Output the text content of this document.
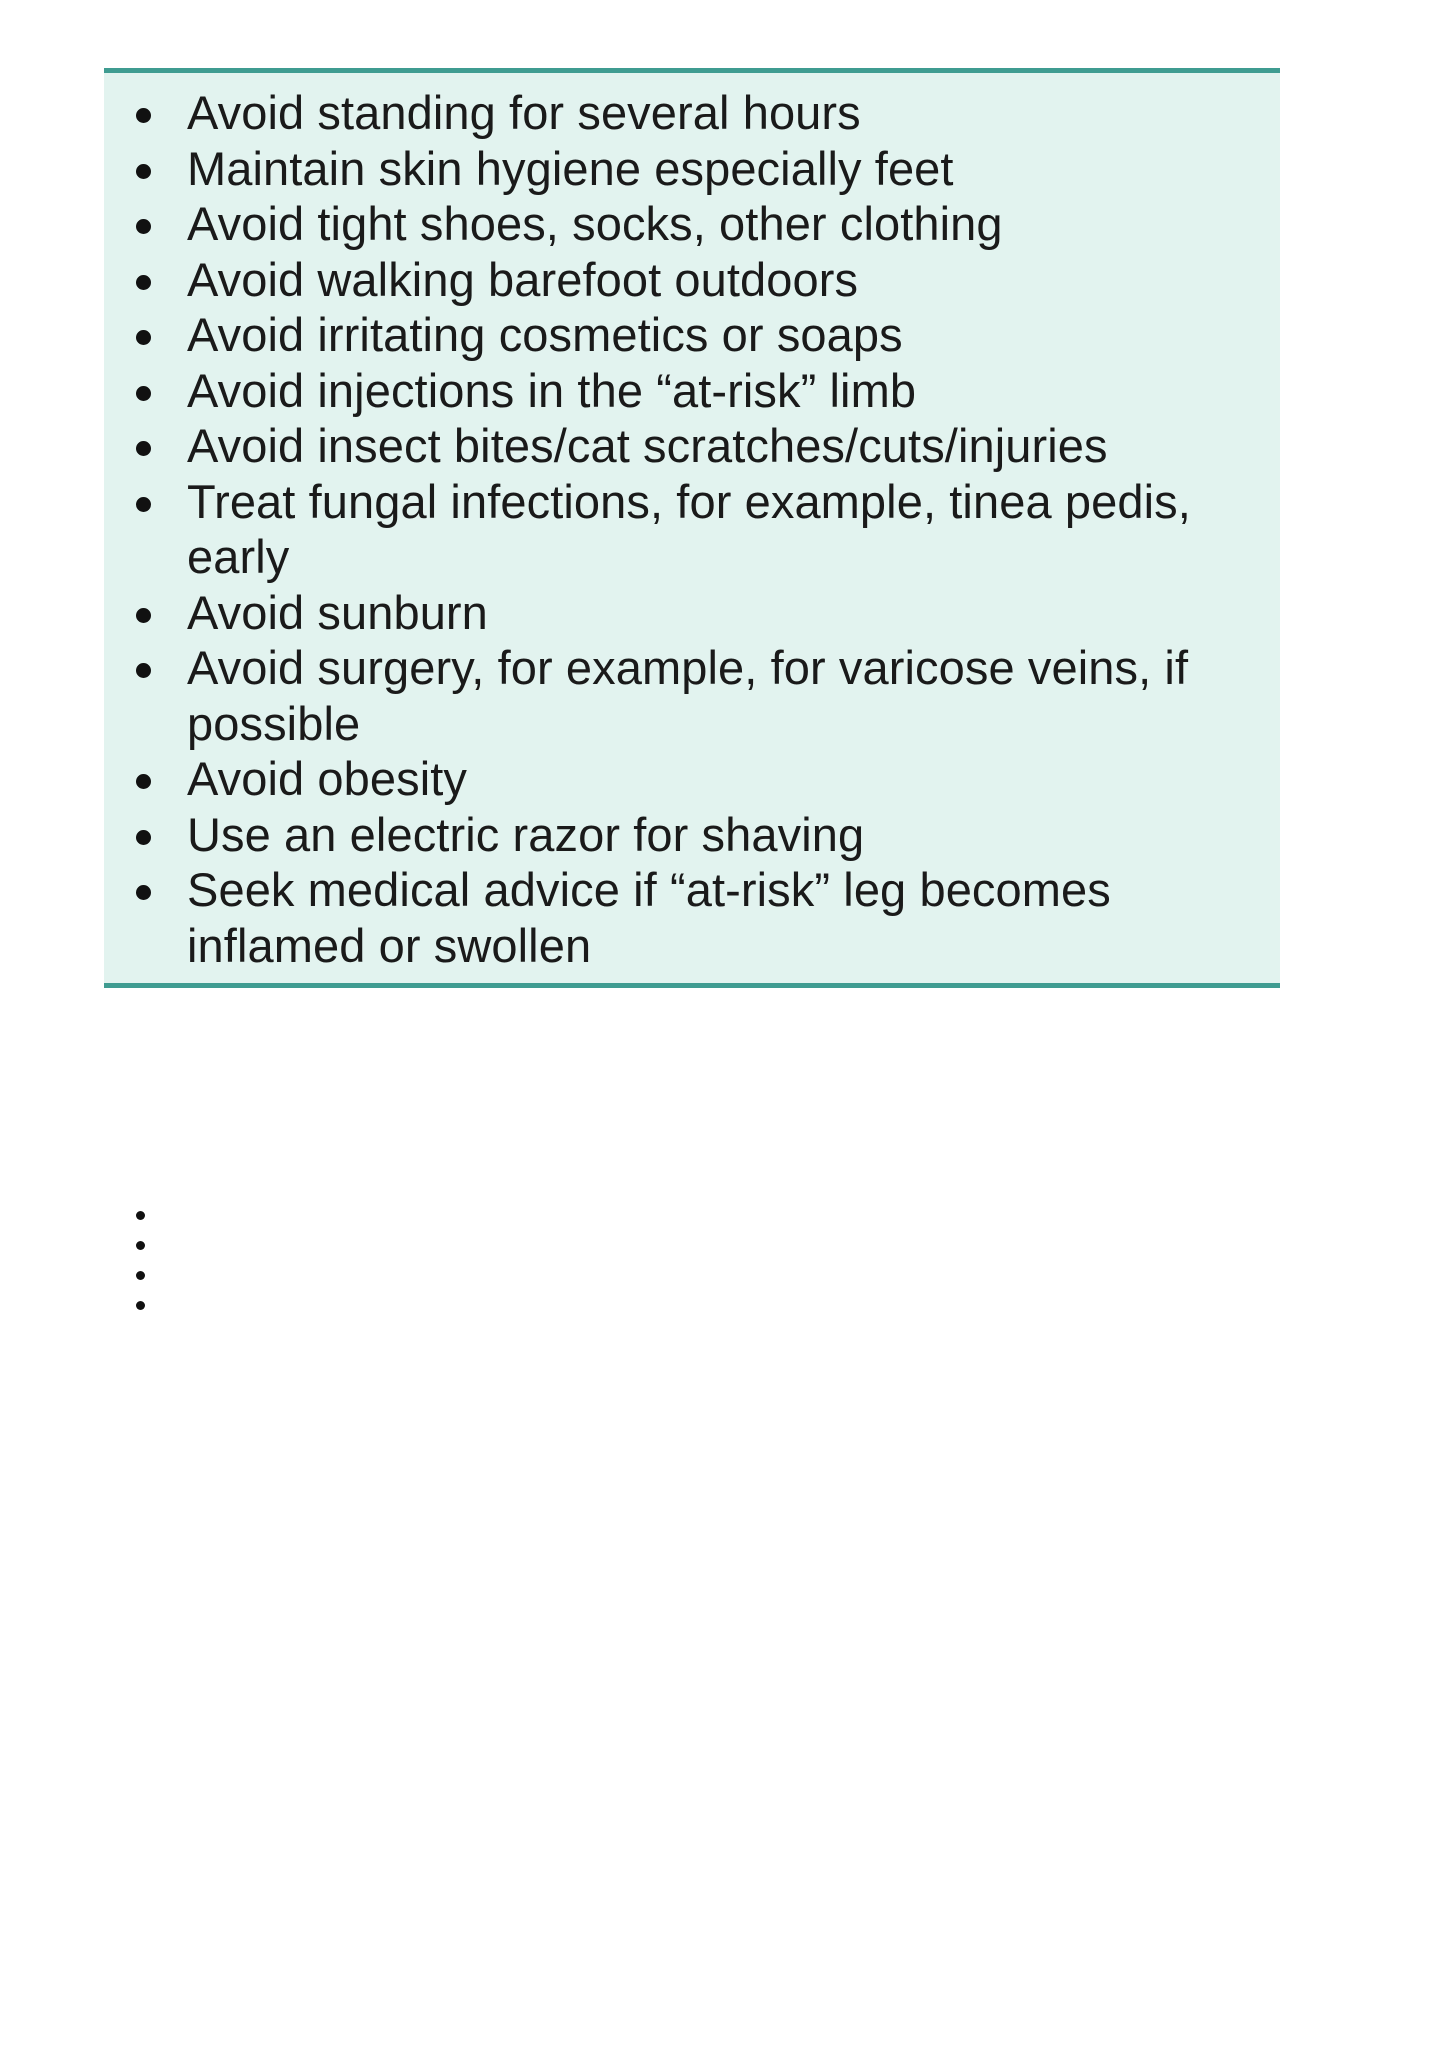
Avoid standing for several hours
Maintain skin hygiene especially feet
Avoid tight shoes, socks, other clothing
Avoid walking barefoot outdoors
Avoid irritating cosmetics or soaps
Avoid injections in the “at-risk” limb
Avoid insect bites/cat scratches/cuts/injuries
Treat fungal infections, for example, tinea pedis, early
Avoid sunburn
Avoid surgery, for example, for varicose veins, if possible
Avoid obesity
Use an electric razor for shaving
Seek medical advice if “at-risk” leg becomes inflamed or swollen
